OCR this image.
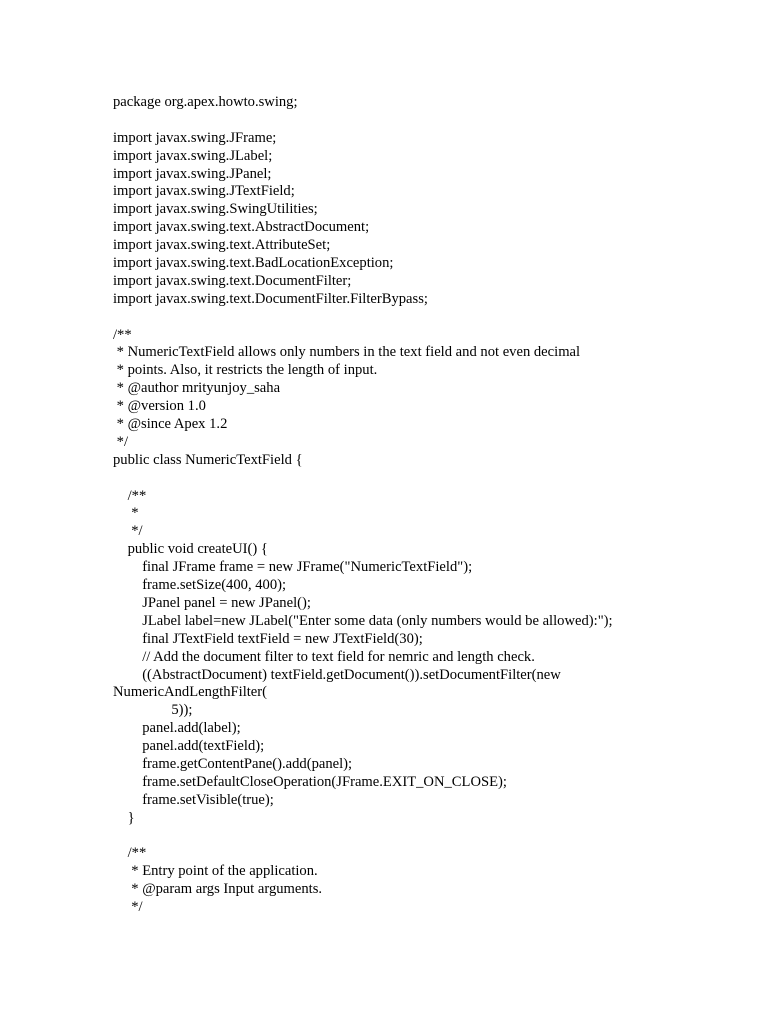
package org.apex.howto.swing;
import javax.swing.JFrame;
import javax.swing.JLabel;
import javax.swing.JPanel;
import javax.swing.JTextField;
import javax.swing.SwingUtilities;
import javax.swing.text.AbstractDocument;
import javax.swing.text.AttributeSet;
import javax.swing.text.BadLocationException;
import javax.swing.text.DocumentFilter;
import javax.swing.text.DocumentFilter.FilterBypass;
/**
* NumericTextField allows only numbers in the text field and not even decimal
* points. Also, it restricts the length of input.
* @author mrityunjoy_saha
* @version 1.0
* @since Apex 1.2
*/
public class NumericTextField {
/**
*
*/
public void createUI() {
final JFrame frame = new JFrame("NumericTextField");
frame.setSize(400, 400);
JPanel panel = new JPanel();
JLabel label=new JLabel("Enter some data (only numbers would be allowed):");
final JTextField textField = new JTextField(30);
// Add the document filter to text field for nemric and length check.
((AbstractDocument) textField.getDocument()).setDocumentFilter(new
NumericAndLengthFilter(
5));
panel.add(label);
panel.add(textField);
frame.getContentPane().add(panel);
frame.setDefaultCloseOperation(JFrame.EXIT_ON_CLOSE);
frame.setVisible(true);
}
/**
* Entry point of the application.
* @param args Input arguments.
*/
